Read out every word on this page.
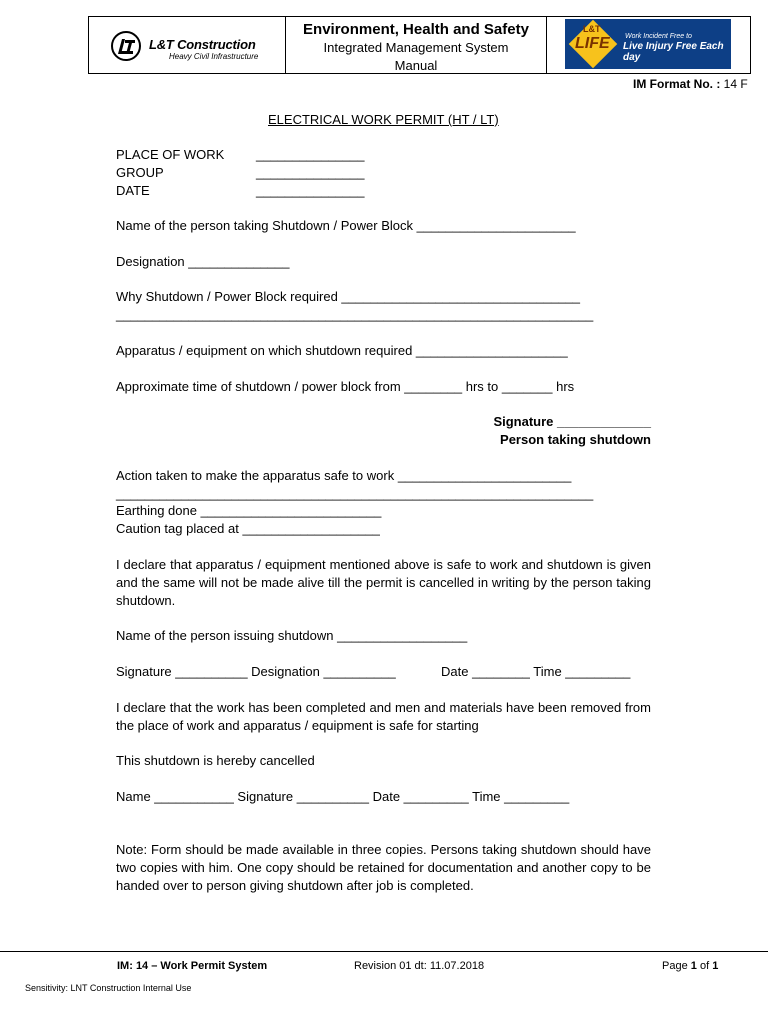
L&T Construction
Heavy Civil Infrastructure
Environment, Health and Safety
Integrated Management System
Manual
L&T
LIFE Work Incident Free to
Live Injury Free Each day
IM Format No. : 14 F
ELECTRICAL WORK PERMIT (HT / LT)
PLACE OF WORK _______________
GROUP	_______________
DATE	_______________
Name of the person taking Shutdown / Power Block ______________________
Designation ______________
Why Shutdown / Power Block required _________________________________
__________________________________________________________________
Apparatus / equipment on which shutdown required _____________________
Approximate time of shutdown / power block from ________ hrs to _______ hrs
Signature _____________
Person taking shutdown
Action taken to make the apparatus safe to work ________________________
__________________________________________________________________
Earthing done _________________________
Caution tag placed at ___________________
I declare that apparatus / equipment mentioned above is safe to work and shutdown is given and the same will not be made alive till the permit is cancelled in writing by the person taking shutdown.
Name of the person issuing shutdown __________________
Signature __________ Designation __________	Date ________ Time _________
I declare that the work has been completed and men and materials have been removed from the place of work and apparatus / equipment is safe for starting
This shutdown is hereby cancelled
Name ___________ Signature __________ Date _________ Time _________
Note: Form should be made available in three copies. Persons taking shutdown should have two copies with him. One copy should be retained for documentation and another copy to be handed over to person giving shutdown after job is completed.
IM: 14 – Work Permit System	Revision 01 dt: 11.07.2018	Page 1 of 1
Sensitivity: LNT Construction Internal Use
